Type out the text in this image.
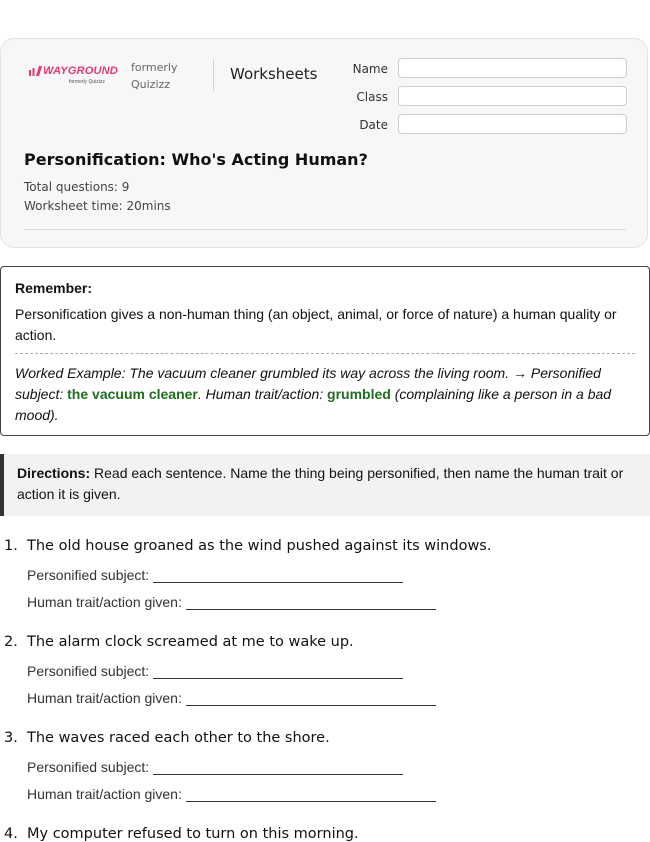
WAYGROUND
formerly Quizizz
formerly
Quizizz
Worksheets	Name
Class
Date
Personification: Who's Acting Human?
Total questions: 9
Worksheet time: 20mins
Remember:
Personification gives a non-human thing (an object, animal, or force of nature) a human quality or action.
Worked Example: The vacuum cleaner grumbled its way across the living room. → Personified subject: the vacuum cleaner. Human trait/action: grumbled (complaining like a person in a bad mood).
Directions: Read each sentence. Name the thing being personified, then name the human trait or action it is given.
1. The old house groaned as the wind pushed against its windows.
Personified subject:
Human trait/action given:
2. The alarm clock screamed at me to wake up.
Personified subject:
Human trait/action given:
3. The waves raced each other to the shore.
Personified subject:
Human trait/action given:
4. My computer refused to turn on this morning.
